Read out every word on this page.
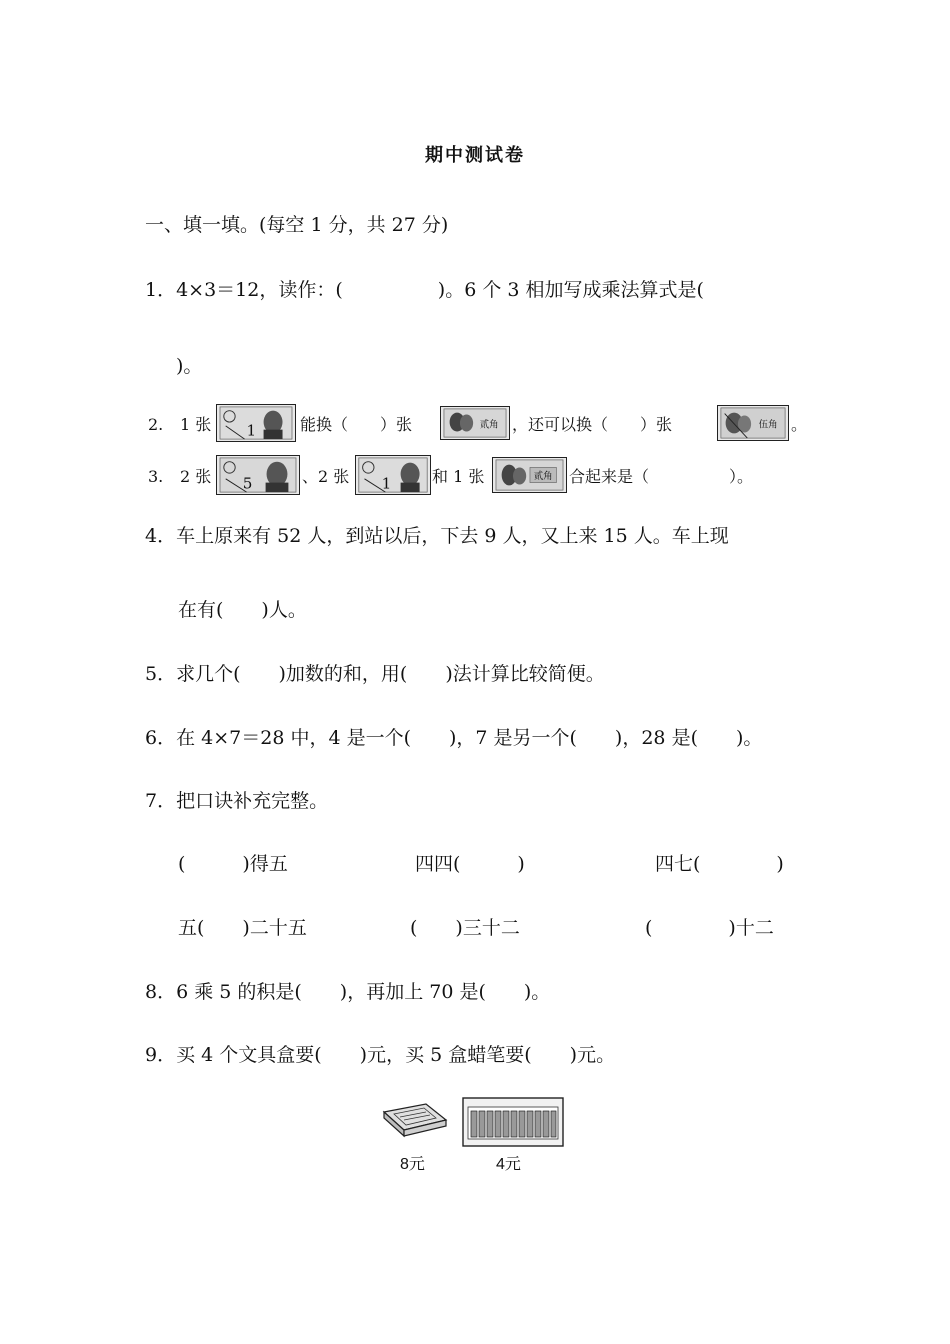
期中测试卷
一、填一填。(每空 1 分，共 27 分)
1．4×3＝12，读作：(　　　　　)。6 个 3 相加写成乘法算式是(
)。
2. 1 张 1	能换（　　）张	贰角 ，还可以换（　　）张	伍角 。
3. 2 张 5	、2 张 1	和 1 张	贰角 合起来是（　　　　　）。
4．车上原来有 52 人，到站以后，下去 9 人，又上来 15 人。车上现
在有(　　)人。
5．求几个(　　)加数的和，用(　　)法计算比较简便。
6．在 4×7＝28 中，4 是一个(　　)，7 是另一个(　　)，28 是(　　)。
7．把口诀补充完整。
(　　　)得五	四四(　　　)	四七(　　　　)
五(　　)二十五	(　　)三十二	(　　　　)十二
8．6 乘 5 的积是(　　)，再加上 70 是(　　)。
9．买 4 个文具盒要(　　)元，买 5 盒蜡笔要(　　)元。
8元	4元
